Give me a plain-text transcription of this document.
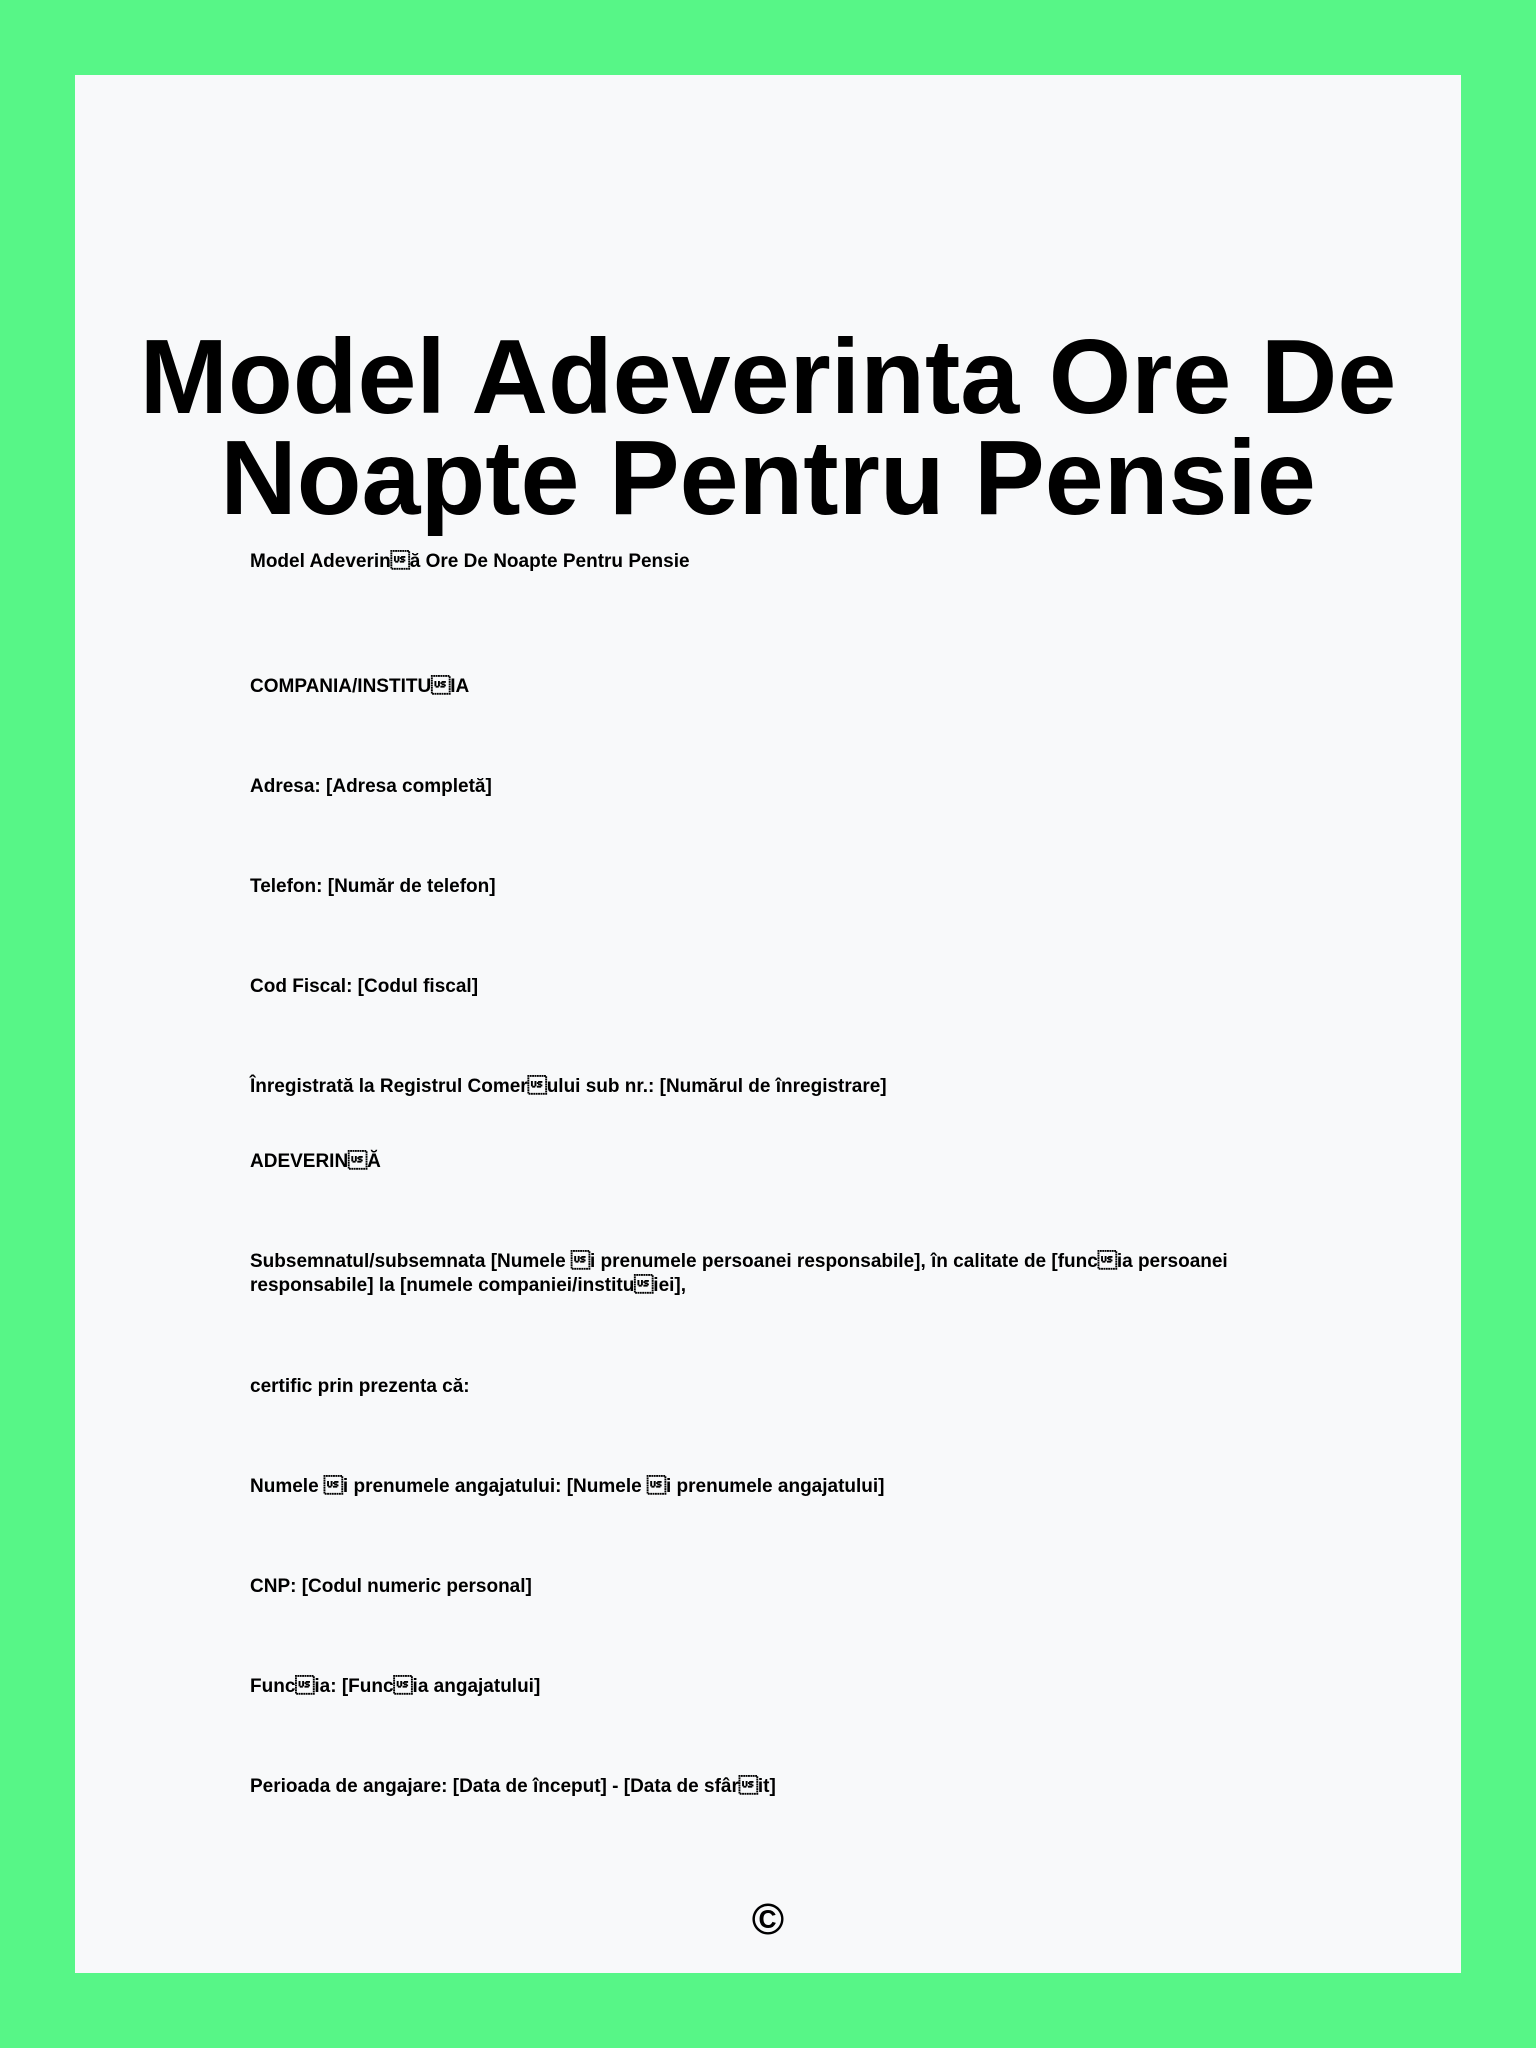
Model Adeverinta Ore De Noapte Pentru Pensie

Model Adeverină Ore De Noapte Pentru Pensie

COMPANIA/INSTITUIA

Adresa: [Adresa completă]

Telefon: [Număr de telefon]

Cod Fiscal: [Codul fiscal]

Înregistrată la Registrul Comerului sub nr.: [Numărul de înregistrare]

ADEVERINĂ

Subsemnatul/subsemnata [Numele i prenumele persoanei responsabile], în calitate de [funcia persoanei responsabile] la [numele companiei/instituiei],

certific prin prezenta că:

Numele i prenumele angajatului: [Numele i prenumele angajatului]

CNP: [Codul numeric personal]

Funcia: [Funcia angajatului]

Perioada de angajare: [Data de început] - [Data de sfârit]

©
